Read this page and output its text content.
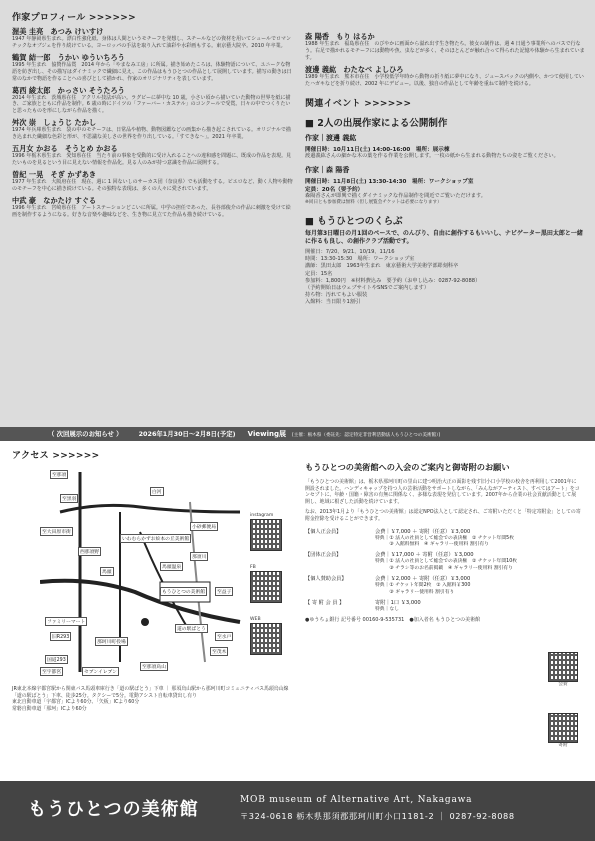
作家プロフィール >>>>>>
渥美 圭亮　あつみ けいすけ
1947 年静岡県生まれ。漂白性強化紙、身体は人間というモチーフを発想し、スチールなどの資材を用いてシュールでロマンチックなオブジェを作り続けている。ヨーロッパの手法を取り入れて油彩や水彩画もする。東京藝大院卒。2010 年卒業。
鶴賀 結一郎　うかい ゆういちろう
1995 年生まれ　協賛作品賞　2014 年から「やまなみ工房」に所属。描き始めたころは、体験物語について、ユニークな物語を紡ぎ出し、その描写はダイナミックで繊細に見え、この作品はもうひとつの作品として展開しています。描写の動きは日常のなかで物語を作ることへの喜びとして描かれ、作家のオリジナリティを表しています。
葛西 綾太郎　かっさい そうたろう
2014 年生まれ　茨城県在住　アクリル技法が高い。ラグビーに夢中な 10 歳。小さい頃から描いていた動物の世界を紙に描き、ご家族とともに作品を制作。6 歳の時にドイツの「ファーバー・カステル」のコンクールで受賞。日々の中でつくりたいと思ったものを形にしながら作品を描く。
舛次 崇　しょうじ たかし
1974 年兵庫県生まれ　袋の中のモチーフは、日常品や植物、動物図鑑などの画集から描き起こされている。オリジナルで描き込まれた繊細な色彩と形が、不思議な美しさの世界を作り出している。「すてきな〜」。2021 年卒業。
五月女 かおる　そうとめ かおる
1996 年栃木県生まれ　愛知県在住　当たり前の事象を受動的に受け入れることへの違和感を問題に、既成の作品を表現。見たいものを見るという目に見えない情報を作品化。見る人のみが持つ意識を作品に展開する。
曽紀 一晃　そぎ かずあき
1977 年生まれ　大阪府在住　現在、週に 1 回ないしのサーカス団（奈良県）でも活動をする。ピエロなど、動く人物や動物のモチーフを中心に描き続けている。その独特な表現は、多くの人々に愛されています。
中武 豪　なかたけ すぐる
1996 年生まれ　宮崎県在住　アートステーションどこいに所属。中学の担任であった、長谷部俊介の作品に刺激を受けて絵画を制作するようになる。好きな音楽や趣味などを、生き物に見立てた作品も描き続けている。
森 陽香　もり はるか
1988 年生まれ　福島県在住　のびやかに画面から溢れ出す生き物たち。彼女の制作は、週 4 日通う事業所へのバスで行なう。右足で描かれるモチーフには動物や魚、虫などが多く、そのほとんどが触れ合って得られた記憶や体験から生まれています。
渡邊 義紘　わたなべ よしひろ
1989 年生まれ　熊本市在住　小学校低学年時から動物の折り紙に夢中になり、ジュースパックの内側や、かつて使用していたハガキなどを折り続け、2002 年にデビュー。以後、独自の作品として年齢を重ねて制作を続ける。
関連イベント >>>>>>
■ 2人の出展作家による公開制作
作家｜渡邊 義紘
開催日時：10月11日(土) 14:00-16:00　場所：展示棟
渡邊義紘さんの細かな木の葉を作る作業を公開します。一枚の紙から生まれる動物たちの姿をご覧ください。
作家｜森 陽香
開催日時：11月8日(土) 13:30-14:30　場所：ワークショップ室
定員：20名（要予約）
森陽香さんが即興で描くダイナミックな作品制作を間近でご覧いただけます。
※同日とも参加費は無料（但し展覧会チケットは必要になります）
■ もうひとつのくらぶ
毎月第3日曜日の月1回のペースで、のんびり、自由に創作するもいいし、ナビゲーター黒田太郎と一緒に作るも良し、の創作クラブ活動です。
開催日：7/20、9/21、10/19、11/16
時間：13:30-15:30　場所：ワークショップ室
講師：黒田太郎　1963年生まれ　東京藝術大学美術学部彫刻科卒
定員：15名
参加料：1,800円　※材料費込み　要予約（お申し込み：0287-92-8088）
（予約開始日はウェブサイトやSNSでご案内します）
持ち物：汚れてもよい服装
入館料：当日限り1割引
（ 次回展示のお知らせ ）	2026年1月30日〜2月8日(予定) Viewing展 [主催：栃木県（委託先：認定特定非営利活動法人もうひとつの美術館）]
アクセス >>>>>>
至那須
至黒羽
白河
至大田原市街
小砂郵便局
いわむらかずお絵本の丘美術館
那須川
馬頭温泉
西那須野
馬頭
ファミリーマート
旧R293
国道293
セブンイレブン
那珂川町役場
もうひとつの美術館
道の駅ばとう
至宇都宮
至水戸
至益子
至茂木
至那須烏山
instagram
FB
WEB
JR東北本線宇都宮駅から関東バス馬頭車庫行き「道の駅ばとう」下車 ｜ 那須烏山駅から那珂川町コミュニティバス馬頭烏山線「道の駅ばとう」下車、徒歩25分。タクシーで5分。電動アシスト自転車貸出し有り
東北自動車道「宇都宮」ICより60分、「矢板」ICより60分
常磐自動車道「那珂」ICより60分
もうひとつの美術館への入会のご案内と御寄附のお願い
「もうひとつの美術館」は、栃木県那珂川町の里山に建つ明治大正の面影を残す旧小口小学校の校舎を再利用して2001年に開設されました。ハンディキャップを持つ人の芸術活動をサポートしながら、「みんながアーティスト、すべてはアート」をコンセプトに、年齢・国籍・障害の有無に関係なく、多様な表現を発信しています。2007年から企業の社会貢献活動として展開し、地域に根ざした活動を続けています。
なお、2013年1月より「もうひとつの美術館」は認定NPO法人として認定され、ご寄附いただくと「特定寄附金」としての寄附金控除を受けることができます。
【個人正会員】	会費｜￥7,000 ＋ 寄附（任意）￥3,000
特典｜① 法人の社員として総会での表決権　② チケット年間5枚
　　　③ 入館料無料　④ ギャラリー使用料 割引有り
【団体正会員】	会費｜￥17,000 ＋ 寄附（任意）￥3,000
特典｜① 法人の社員として総会での表決権　② チケット年間10枚
　　　③ チラシ等のお名前掲載　④ ギャラリー使用料 割引有り
【個人賛助会員】	会費｜￥2,000 ＋ 寄附（任意）￥3,000
特典｜① チケット年間2枚　② 入館料￥300
　　　③ ギャラリー使用料 割引有り
【 寄 附 会 員 】	寄附｜1口 ￥3,000
特典｜なし
●ゆうちょ銀行 記号番号 00160-9-535731　●加入者名 もうひとつの美術館
会費
寄附
もうひとつの美術館	MOB museum of Alternative Art, Nakagawa
〒324-0618 栃木県那須郡那珂川町小口1181-2 ｜ 0287-92-8088
